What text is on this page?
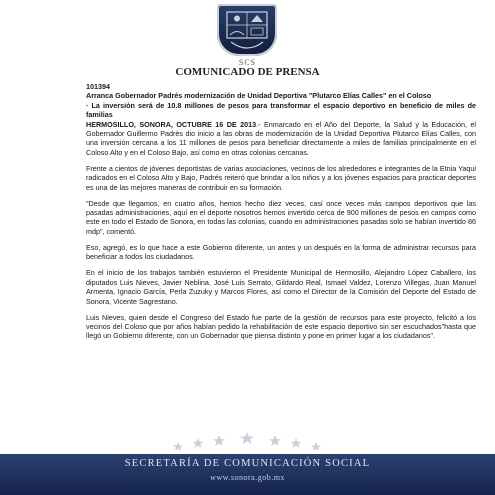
SCS
COMUNICADO DE PRENSA

101394

Arranca Gobernador Padrés modernización de Unidad Deportiva "Plutarco Elías Calles" en el Coloso

· La inversión será de 10.8 millones de pesos para transformar el espacio deportivo en beneficio de miles de familias

HERMOSILLO, SONORA, OCTUBRE 16 DE 2013.- Enmarcado en el Año del Deporte, la Salud y la Educación, el Gobernador Guillermo Padrés dio inicio a las obras de modernización de la Unidad Deportiva Plutarco Elías Calles, con una inversión cercana a los 11 millones de pesos para beneficiar directamente a miles de familias principalmente en el Coloso Alto y en el Coloso Bajo, así como en otras colonias cercanas.

Frente a cientos de jóvenes deportistas de varias asociaciones, vecinos de los alrededores e integrantes de la Etnia Yaqui radicados en el Coloso Alto y Bajo, Padrés reiteró que brindar a los niños y a los jóvenes espacios para practicar deportes es una de las mejores maneras de contribuir en su formación.

"Desde que llegamos, en cuatro años, hemos hecho diez veces, casi once veces más campos deportivos que las pasadas administraciones, aquí en el deporte nosotros hemos invertido cerca de 900 millones de pesos en campos como este en todo el Estado de Sonora, en todas las colonias, cuando en administraciones pasadas solo se habían invertido 86 mdp", comentó.

Eso, agregó, es lo que hace a este Gobierno diferente, un antes y un después en la forma de administrar recursos para beneficiar a todos los ciudadanos.

En el inicio de los trabajos también estuvieron el Presidente Municipal de Hermosillo, Alejandro López Caballero, los diputados Luis Nieves, Javier Neblina, José Luis Serrato, Gildardo Real, Ismael Valdez, Lorenzo Villegas, Juan Manuel Armenta, Ignacio García, Perla Zuzuky y Marcos Flores, así como el Director de la Comisión del Deporte del Estado de Sonora, Vicente Sagrestano.

Luis Nieves, quien desde el Congreso del Estado fue parte de la gestión de recursos para este proyecto, felicitó a los vecinos del Coloso que por años habían pedido la rehabilitación de este espacio deportivo sin ser escuchados"hasta que llegó un Gobierno diferente, con un Gobernador que piensa distinto y pone en primer lugar a los ciudadanos".

SECRETARÍA DE COMUNICACIÓN SOCIAL
www.sonora.gob.mx
